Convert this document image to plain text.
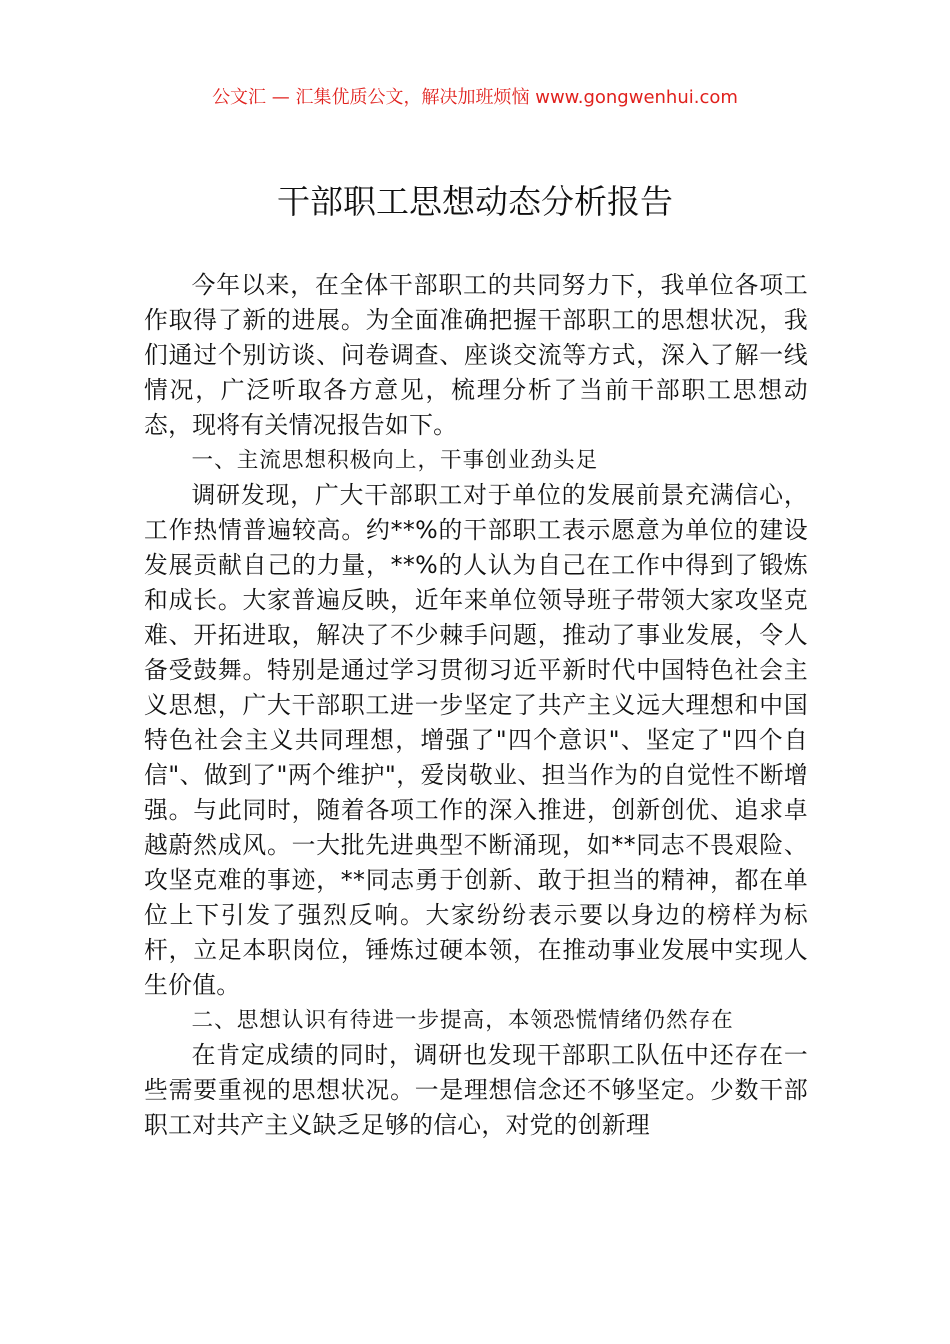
公文汇 — 汇集优质公文，解决加班烦恼 www.gongwenhui.com
干部职工思想动态分析报告

今年以来，在全体干部职工的共同努力下，我单位各项工作取得了新的进展。为全面准确把握干部职工的思想状况，我们通过个别访谈、问卷调查、座谈交流等方式，深入了解一线情况，广泛听取各方意见，梳理分析了当前干部职工思想动态，现将有关情况报告如下。

一、主流思想积极向上，干事创业劲头足

调研发现，广大干部职工对于单位的发展前景充满信心，工作热情普遍较高。约**%的干部职工表示愿意为单位的建设发展贡献自己的力量，**%的人认为自己在工作中得到了锻炼和成长。大家普遍反映，近年来单位领导班子带领大家攻坚克难、开拓进取，解决了不少棘手问题，推动了事业发展，令人备受鼓舞。特别是通过学习贯彻习近平新时代中国特色社会主义思想，广大干部职工进一步坚定了共产主义远大理想和中国特色社会主义共同理想，增强了"四个意识"、坚定了"四个自信"、做到了"两个维护"，爱岗敬业、担当作为的自觉性不断增强。与此同时，随着各项工作的深入推进，创新创优、追求卓越蔚然成风。一大批先进典型不断涌现，如**同志不畏艰险、攻坚克难的事迹，**同志勇于创新、敢于担当的精神，都在单位上下引发了强烈反响。大家纷纷表示要以身边的榜样为标杆，立足本职岗位，锤炼过硬本领，在推动事业发展中实现人生价值。

二、思想认识有待进一步提高，本领恐慌情绪仍然存在

在肯定成绩的同时，调研也发现干部职工队伍中还存在一些需要重视的思想状况。一是理想信念还不够坚定。少数干部职工对共产主义缺乏足够的信心，对党的创新理
